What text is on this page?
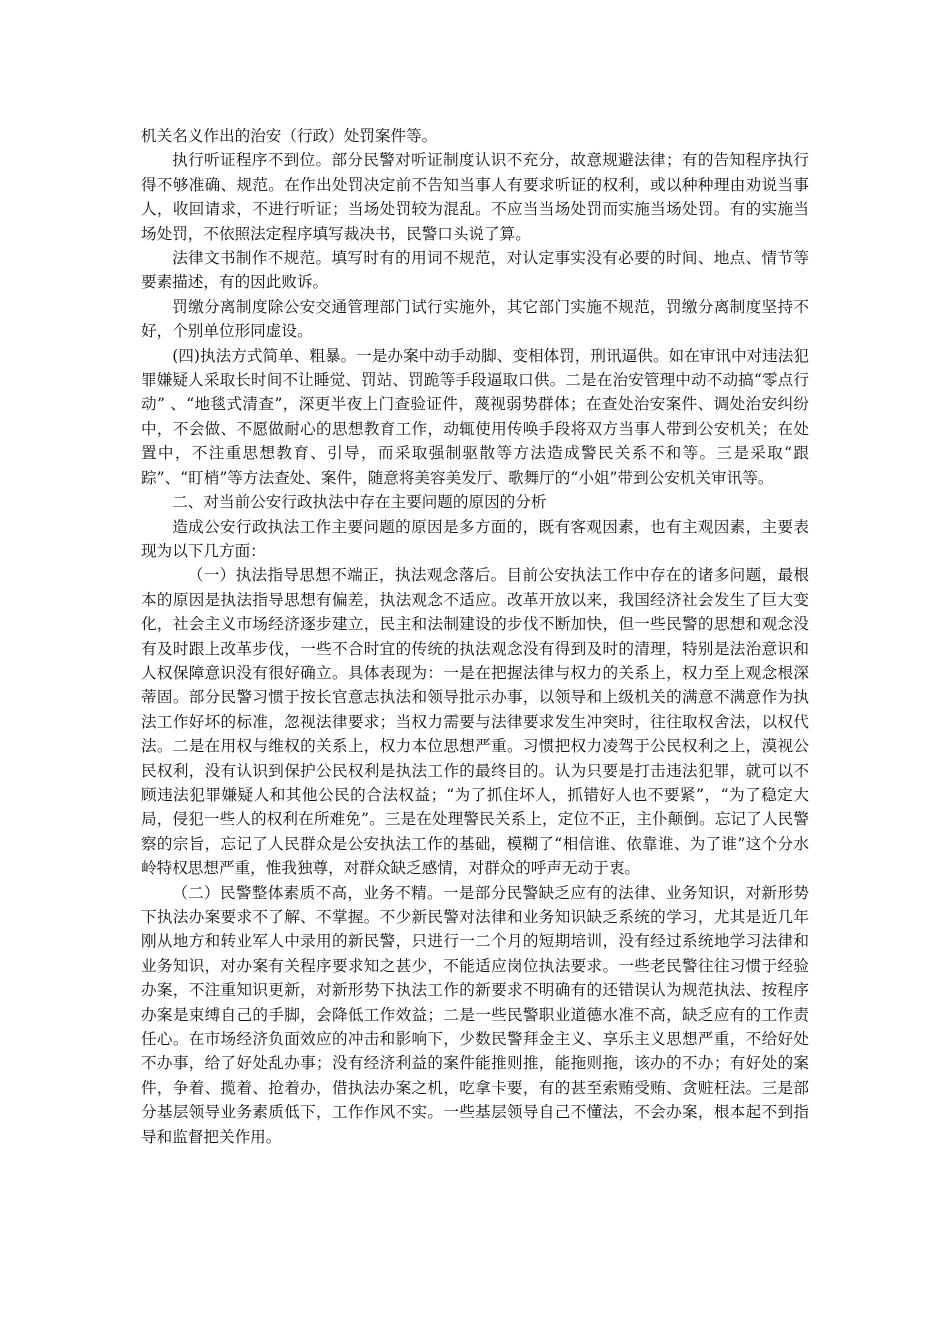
机关名义作出的治安（行政）处罚案件等。

执行听证程序不到位。部分民警对听证制度认识不充分，故意规避法律；有的告知程序执行得不够准确、规范。在作出处罚决定前不告知当事人有要求听证的权利，或以种种理由劝说当事人，收回请求，不进行听证；当场处罚较为混乱。不应当当场处罚而实施当场处罚。有的实施当场处罚，不依照法定程序填写裁决书，民警口头说了算。

法律文书制作不规范。填写时有的用词不规范，对认定事实没有必要的时间、地点、情节等要素描述，有的因此败诉。

罚缴分离制度除公安交通管理部门试行实施外，其它部门实施不规范，罚缴分离制度坚持不好，个别单位形同虚设。

(四)执法方式简单、粗暴。一是办案中动手动脚、变相体罚，刑讯逼供。如在审讯中对违法犯罪嫌疑人采取长时间不让睡觉、罚站、罚跪等手段逼取口供。二是在治安管理中动不动搞“零点行动” 、“地毯式清查”，深更半夜上门查验证件，蔑视弱势群体；在查处治安案件、调处治安纠纷中，不会做、不愿做耐心的思想教育工作，动辄使用传唤手段将双方当事人带到公安机关；在处置中，不注重思想教育、引导，而采取强制驱散等方法造成警民关系不和等。三是采取“跟踪”、“盯梢”等方法查处、案件，随意将美容美发厅、歌舞厅的“小姐”带到公安机关审讯等。

二、对当前公安行政执法中存在主要问题的原因的分析

造成公安行政执法工作主要问题的原因是多方面的，既有客观因素，也有主观因素，主要表现为以下几方面：

（一）执法指导思想不端正，执法观念落后。目前公安执法工作中存在的诸多问题，最根本的原因是执法指导思想有偏差，执法观念不适应。改革开放以来，我国经济社会发生了巨大变化，社会主义市场经济逐步建立，民主和法制建设的步伐不断加快，但一些民警的思想和观念没有及时跟上改革步伐，一些不合时宜的传统的执法观念没有得到及时的清理，特别是法治意识和人权保障意识没有很好确立。具体表现为：一是在把握法律与权力的关系上，权力至上观念根深蒂固。部分民警习惯于按长官意志执法和领导批示办事，以领导和上级机关的满意不满意作为执法工作好坏的标准，忽视法律要求；当权力需要与法律要求发生冲突时，往往取权舍法，以权代法。二是在用权与维权的关系上，权力本位思想严重。习惯把权力凌驾于公民权利之上，漠视公民权利，没有认识到保护公民权利是执法工作的最终目的。认为只要是打击违法犯罪，就可以不顾违法犯罪嫌疑人和其他公民的合法权益；“为了抓住坏人，抓错好人也不要紧”，“为了稳定大局，侵犯一些人的权利在所难免”。三是在处理警民关系上，定位不正，主仆颠倒。忘记了人民警察的宗旨，忘记了人民群众是公安执法工作的基础，模糊了“相信谁、依靠谁、为了谁”这个分水岭特权思想严重，惟我独尊，对群众缺乏感情，对群众的呼声无动于衷。

（二）民警整体素质不高，业务不精。一是部分民警缺乏应有的法律、业务知识，对新形势下执法办案要求不了解、不掌握。不少新民警对法律和业务知识缺乏系统的学习，尤其是近几年刚从地方和转业军人中录用的新民警，只进行一二个月的短期培训，没有经过系统地学习法律和业务知识，对办案有关程序要求知之甚少，不能适应岗位执法要求。一些老民警往往习惯于经验办案，不注重知识更新，对新形势下执法工作的新要求不明确有的还错误认为规范执法、按程序办案是束缚自己的手脚，会降低工作效益；二是一些民警职业道德水准不高，缺乏应有的工作责任心。在市场经济负面效应的冲击和影响下，少数民警拜金主义、享乐主义思想严重，不给好处不办事，给了好处乱办事；没有经济利益的案件能推则推，能拖则拖，该办的不办；有好处的案件，争着、揽着、抢着办，借执法办案之机，吃拿卡要，有的甚至索贿受贿、贪赃枉法。三是部分基层领导业务素质低下，工作作风不实。一些基层领导自己不懂法，不会办案，根本起不到指导和监督把关作用。
